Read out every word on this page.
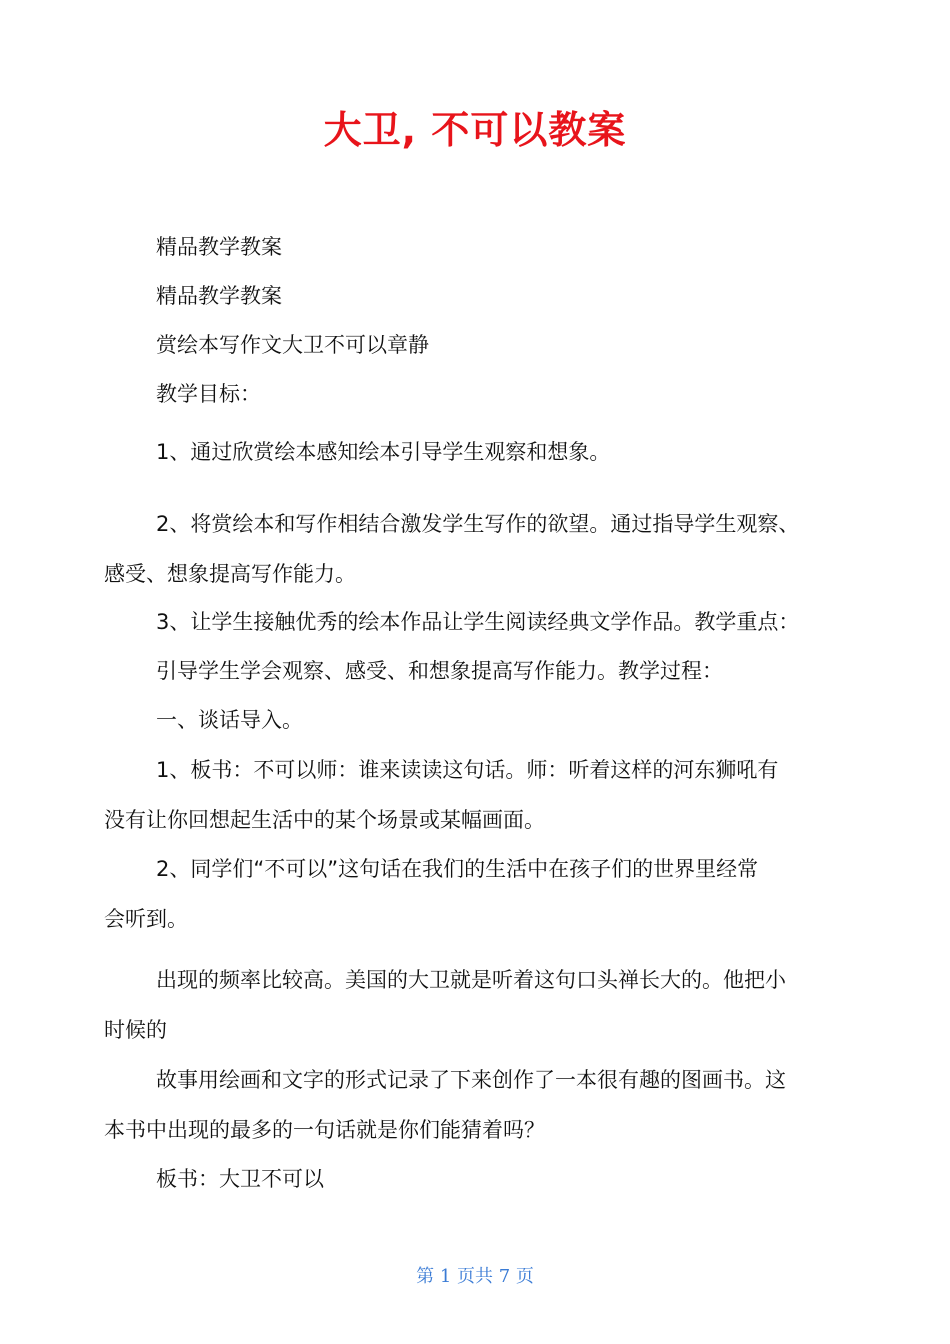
大卫, 不可以教案
精品教学教案
精品教学教案
赏绘本写作文大卫不可以章静
教学目标：
1、通过欣赏绘本感知绘本引导学生观察和想象。
2、将赏绘本和写作相结合激发学生写作的欲望。通过指导学生观察、
感受、想象提高写作能力。
3、让学生接触优秀的绘本作品让学生阅读经典文学作品。教学重点：
引导学生学会观察、感受、和想象提高写作能力。教学过程：
一、谈话导入。
1、板书：不可以师：谁来读读这句话。师：听着这样的河东狮吼有
没有让你回想起生活中的某个场景或某幅画面。
2、同学们“不可以”这句话在我们的生活中在孩子们的世界里经常
会听到。
出现的频率比较高。美国的大卫就是听着这句口头禅长大的。他把小
时候的
故事用绘画和文字的形式记录了下来创作了一本很有趣的图画书。这
本书中出现的最多的一句话就是你们能猜着吗？
板书：大卫不可以
第 1 页共 7 页
